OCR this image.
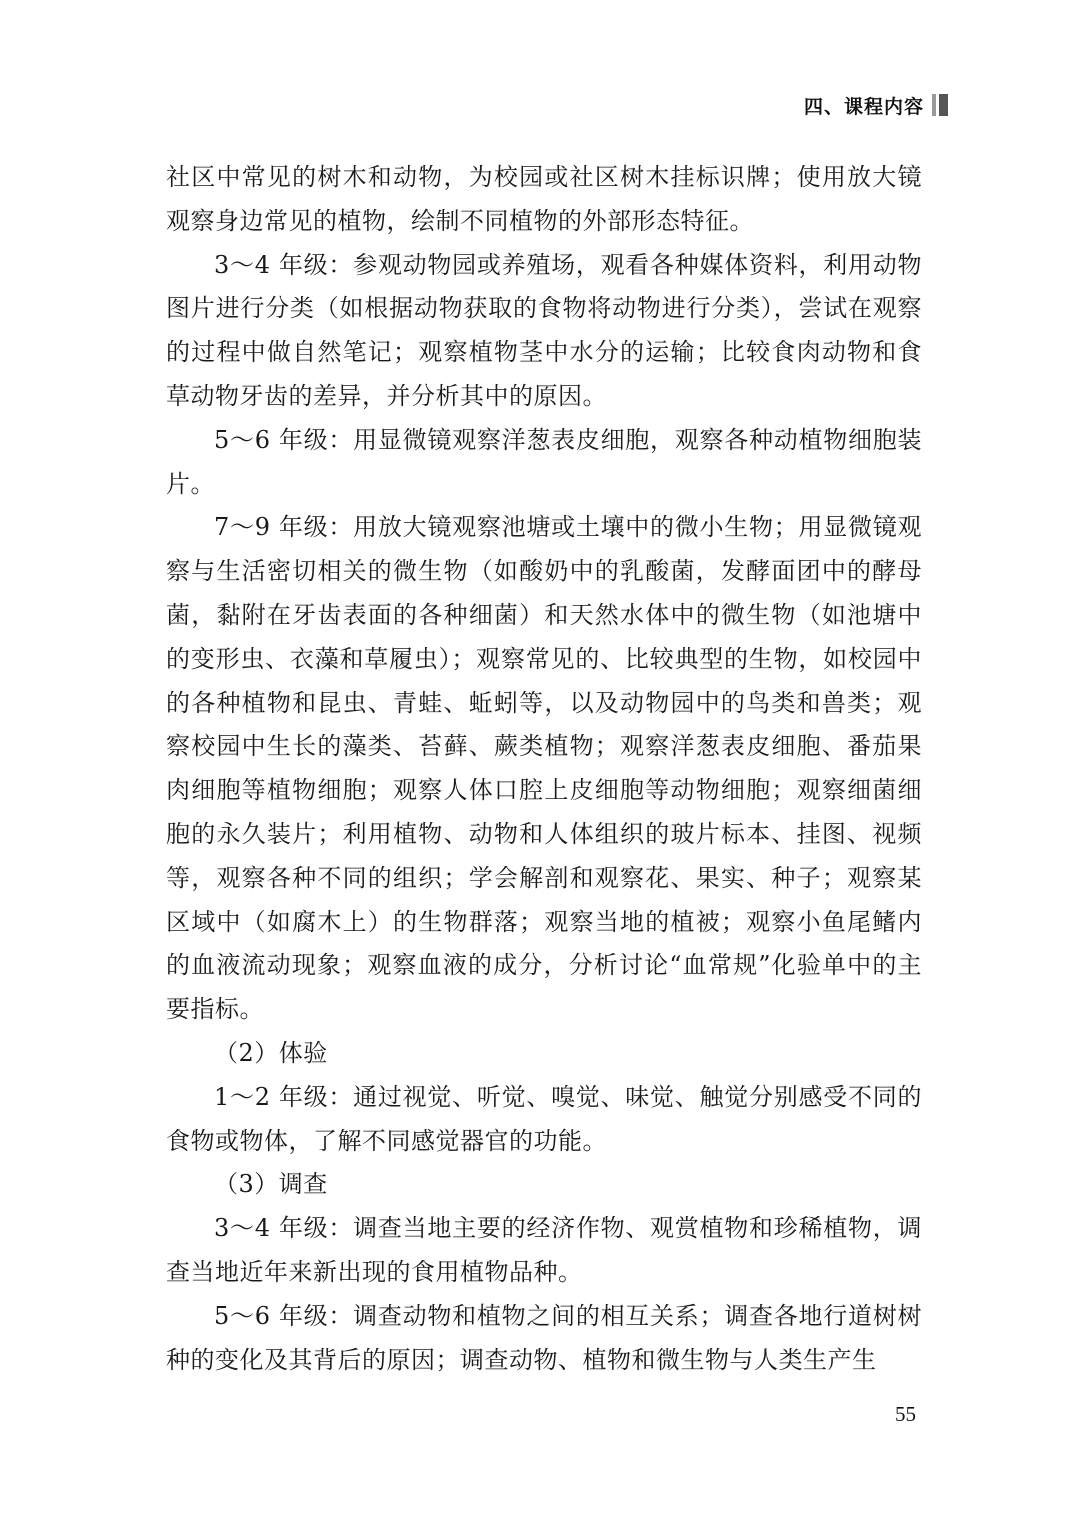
四、课程内容

社区中常见的树木和动物，为校园或社区树木挂标识牌；使用放大镜观察身边常见的植物，绘制不同植物的外部形态特征。

3～4 年级：参观动物园或养殖场，观看各种媒体资料，利用动物图片进行分类（如根据动物获取的食物将动物进行分类），尝试在观察的过程中做自然笔记；观察植物茎中水分的运输；比较食肉动物和食草动物牙齿的差异，并分析其中的原因。

5～6 年级：用显微镜观察洋葱表皮细胞，观察各种动植物细胞装片。

7～9 年级：用放大镜观察池塘或土壤中的微小生物；用显微镜观察与生活密切相关的微生物（如酸奶中的乳酸菌，发酵面团中的酵母菌，黏附在牙齿表面的各种细菌）和天然水体中的微生物（如池塘中的变形虫、衣藻和草履虫）；观察常见的、比较典型的生物，如校园中的各种植物和昆虫、青蛙、蚯蚓等，以及动物园中的鸟类和兽类；观察校园中生长的藻类、苔藓、蕨类植物；观察洋葱表皮细胞、番茄果肉细胞等植物细胞；观察人体口腔上皮细胞等动物细胞；观察细菌细胞的永久装片；利用植物、动物和人体组织的玻片标本、挂图、视频等，观察各种不同的组织；学会解剖和观察花、果实、种子；观察某区域中（如腐木上）的生物群落；观察当地的植被；观察小鱼尾鳍内的血液流动现象；观察血液的成分，分析讨论“血常规”化验单中的主要指标。

（2）体验

1～2 年级：通过视觉、听觉、嗅觉、味觉、触觉分别感受不同的食物或物体，了解不同感觉器官的功能。

（3）调查

3～4 年级：调查当地主要的经济作物、观赏植物和珍稀植物，调查当地近年来新出现的食用植物品种。

5～6 年级：调查动物和植物之间的相互关系；调查各地行道树树种的变化及其背后的原因；调查动物、植物和微生物与人类生产生

55
